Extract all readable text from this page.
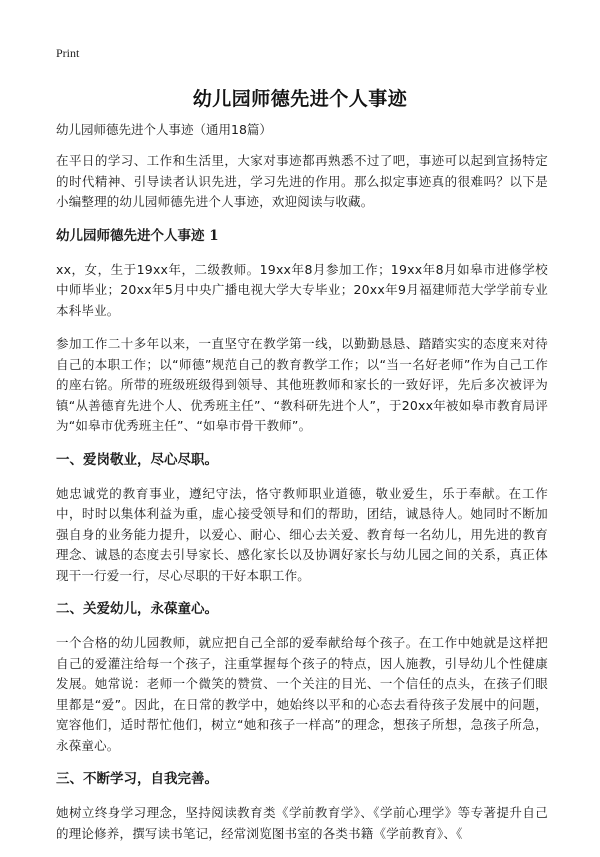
Print
幼儿园师德先进个人事迹
幼儿园师德先进个人事迹（通用18篇）

在平日的学习、工作和生活里，大家对事迹都再熟悉不过了吧，事迹可以起到宣扬特定的时代精神、引导读者认识先进，学习先进的作用。那么拟定事迹真的很难吗？以下是小编整理的幼儿园师德先进个人事迹，欢迎阅读与收藏。

幼儿园师德先进个人事迹 1

xx，女，生于19xx年，二级教师。19xx年8月参加工作；19xx年8月如皋市进修学校中师毕业；20xx年5月中央广播电视大学大专毕业；20xx年9月福建师范大学学前专业本科毕业。

参加工作二十多年以来，一直坚守在教学第一线，以勤勤恳恳、踏踏实实的态度来对待自己的本职工作；以“师德”规范自己的教育教学工作；以“当一名好老师”作为自己工作的座右铭。所带的班级班级得到领导、其他班教师和家长的一致好评，先后多次被评为镇“从善德育先进个人、优秀班主任”、“教科研先进个人”，于20xx年被如皋市教育局评为“如皋市优秀班主任”、“如皋市骨干教师”。

一、爱岗敬业，尽心尽职。

她忠诚党的教育事业，遵纪守法，恪守教师职业道德，敬业爱生，乐于奉献。在工作中，时时以集体利益为重，虚心接受领导和们的帮助，团结，诚恳待人。她同时不断加强自身的业务能力提升，以爱心、耐心、细心去关爱、教育每一名幼儿，用先进的教育理念、诚恳的态度去引导家长、感化家长以及协调好家长与幼儿园之间的关系，真正体现干一行爱一行，尽心尽职的干好本职工作。

二、关爱幼儿，永葆童心。

一个合格的幼儿园教师，就应把自己全部的爱奉献给每个孩子。在工作中她就是这样把自己的爱灌注给每一个孩子，注重掌握每个孩子的特点，因人施教，引导幼儿个性健康发展。她常说：老师一个微笑的赞赏、一个关注的目光、一个信任的点头，在孩子们眼里都是“爱”。因此，在日常的教学中，她始终以平和的心态去看待孩子发展中的问题，宽容他们，适时帮忙他们，树立“她和孩子一样高”的理念，想孩子所想，急孩子所急，永葆童心。

三、不断学习，自我完善。

她树立终身学习理念，坚持阅读教育类《学前教育学》、《学前心理学》等专著提升自己的理论修养，撰写读书笔记，经常浏览图书室的各类书籍《学前教育》、《
